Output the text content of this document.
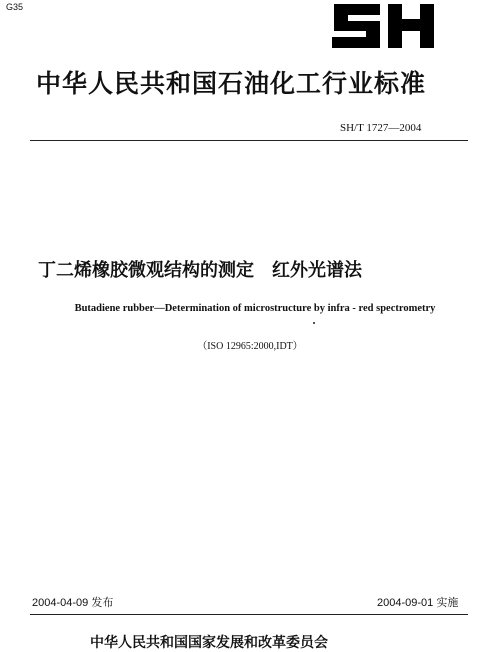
G35
中华人民共和国石油化工行业标准
SH/T 1727—2004
丁二烯橡胶微观结构的测定　红外光谱法
Butadiene rubber—Determination of microstructure by infra - red spectrometry
（ISO 12965:2000,IDT）
2004-04-09 发布	2004-09-01 实施
中华人民共和国国家发展和改革委员会
